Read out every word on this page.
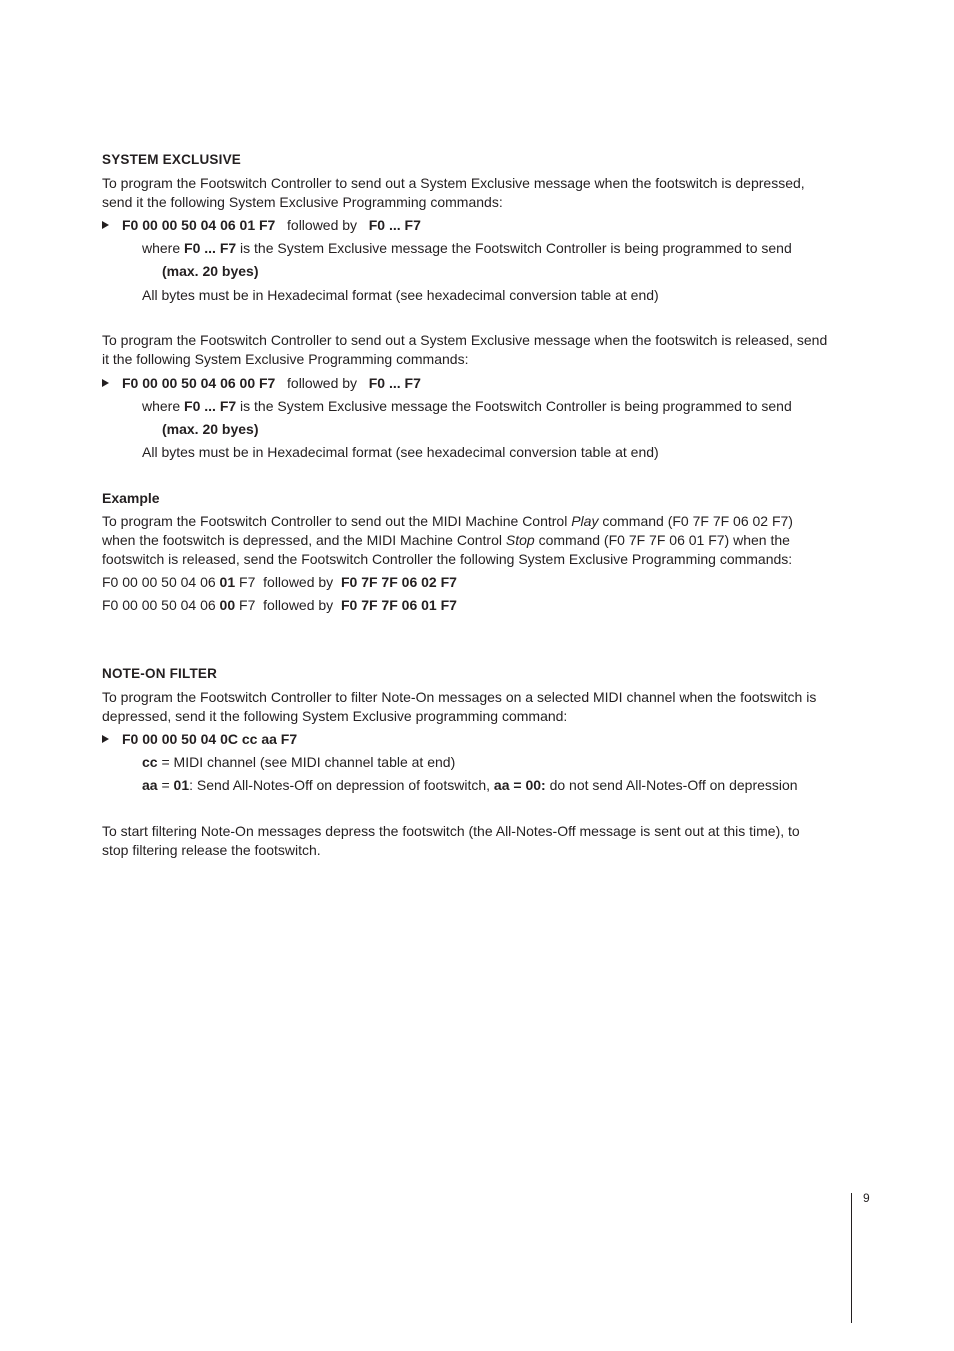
SYSTEM EXCLUSIVE
To program the Footswitch Controller to send out a System Exclusive message when the footswitch is depressed,
send it the following System Exclusive Programming commands:
F0 00 00 50 04 06 01 F7 followed by F0 ... F7
where F0 ... F7 is the System Exclusive message the Footswitch Controller is being programmed to send
(max. 20 byes)
All bytes must be in Hexadecimal format (see hexadecimal conversion table at end)
To program the Footswitch Controller to send out a System Exclusive message when the footswitch is released, send
it the following System Exclusive Programming commands:
F0 00 00 50 04 06 00 F7 followed by F0 ... F7
where F0 ... F7 is the System Exclusive message the Footswitch Controller is being programmed to send
(max. 20 byes)
All bytes must be in Hexadecimal format (see hexadecimal conversion table at end)
Example
To program the Footswitch Controller to send out the MIDI Machine Control Play command (F0 7F 7F 06 02 F7)
when the footswitch is depressed, and the MIDI Machine Control Stop command (F0 7F 7F 06 01 F7) when the
footswitch is released, send the Footswitch Controller the following System Exclusive Programming commands:
F0 00 00 50 04 06 01 F7 followed by F0 7F 7F 06 02 F7
F0 00 00 50 04 06 00 F7 followed by F0 7F 7F 06 01 F7
NOTE-ON FILTER
To program the Footswitch Controller to filter Note-On messages on a selected MIDI channel when the footswitch is
depressed, send it the following System Exclusive programming command:
F0 00 00 50 04 0C cc aa F7
cc = MIDI channel (see MIDI channel table at end)
aa = 01: Send All-Notes-Off on depression of footswitch, aa = 00: do not send All-Notes-Off on depression
To start filtering Note-On messages depress the footswitch (the All-Notes-Off message is sent out at this time), to
stop filtering release the footswitch.
9
